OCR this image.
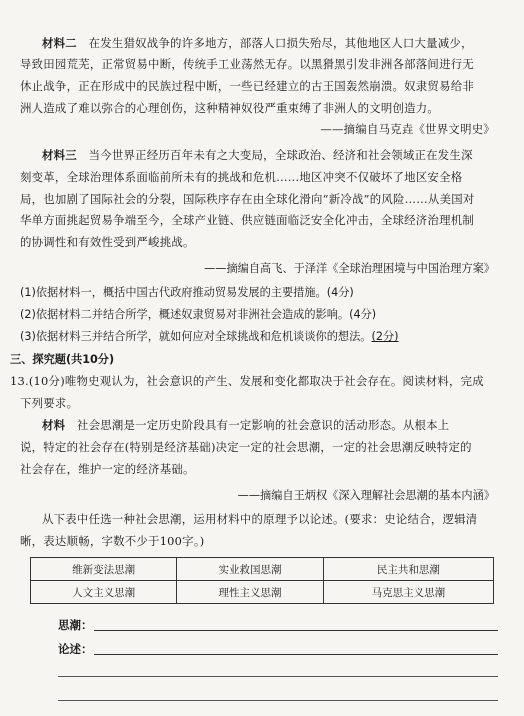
材料二 在发生猎奴战争的许多地方，部落人口损失殆尽，其他地区人口大量减少，
导致田园荒芜，正常贸易中断，传统手工业荡然无存。以黑猾黑引发非洲各部落间进行无
休止战争，正在形成中的民族过程中断，一些已经建立的古王国轰然崩溃。奴隶贸易给非
洲人造成了难以弥合的心理创伤，这种精神奴役严重束缚了非洲人的文明创造力。
——摘编自马克垚《世界文明史》
材料三 当今世界正经历百年未有之大变局，全球政治、经济和社会领域正在发生深
刻变革，全球治理体系面临前所未有的挑战和危机……地区冲突不仅破坏了地区安全格
局，也加剧了国际社会的分裂，国际秩序存在由全球化滑向“新冷战”的风险……从美国对
华单方面挑起贸易争端至今，全球产业链、供应链面临泛安全化冲击，全球经济治理机制
的协调性和有效性受到严峻挑战。
——摘编自高飞、于泽洋《全球治理困境与中国治理方案》
(1)依据材料一，概括中国古代政府推动贸易发展的主要措施。(4分)
(2)依据材料二并结合所学，概述奴隶贸易对非洲社会造成的影响。(4分)
(3)依据材料三并结合所学，就如何应对全球挑战和危机谈谈你的想法。(2分)
三、探究题(共10分)
13.(10分)唯物史观认为，社会意识的产生、发展和变化都取决于社会存在。阅读材料，完成
下列要求。
材料 社会思潮是一定历史阶段具有一定影响的社会意识的活动形态。从根本上
说，特定的社会存在(特别是经济基础)决定一定的社会思潮，一定的社会思潮反映特定的
社会存在，维护一定的经济基础。
——摘编自王炳权《深入理解社会思潮的基本内涵》
从下表中任选一种社会思潮，运用材料中的原理予以论述。(要求：史论结合，逻辑清
晰，表达顺畅，字数不少于100字。)
维新变法思潮	实业救国思潮	民主共和思潮
人文主义思潮	理性主义思潮	马克思主义思潮
思潮：
论述：
